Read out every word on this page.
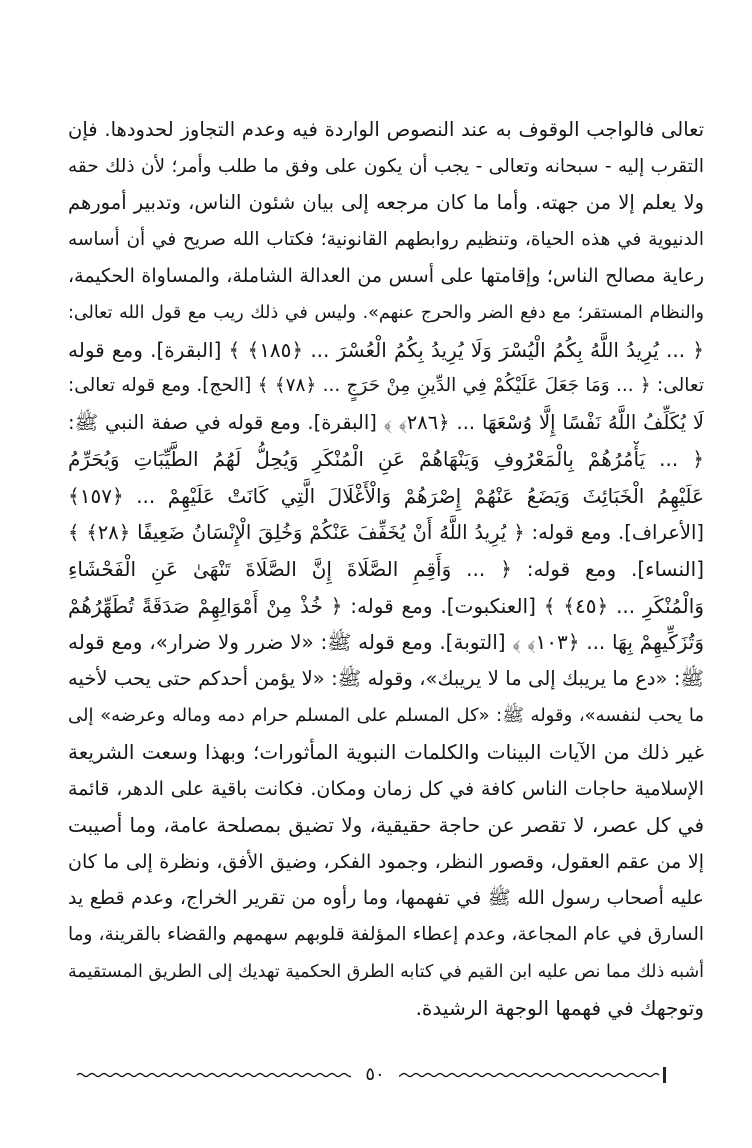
تعالى فالواجب الوقوف به عند النصوص الواردة فيه وعدم التجاوز لحدودها. فإن
التقرب إليه - سبحانه وتعالى - يجب أن يكون على وفق ما طلب وأمر؛ لأن ذلك حقه
ولا يعلم إلا من جهته. وأما ما كان مرجعه إلى بيان شئون الناس، وتدبير أمورهم
الدنيوية في هذه الحياة، وتنظيم روابطهم القانونية؛ فكتاب الله صريح في أن أساسه
رعاية مصالح الناس؛ وإقامتها على أسس من العدالة الشاملة، والمساواة الحكيمة،
والنظام المستقر؛ مع دفع الضر والحرج عنهم». وليس في ذلك ريب مع قول الله تعالى:
﴿ ... يُرِيدُ اللَّهُ بِكُمُ الْيُسْرَ وَلَا يُرِيدُ بِكُمُ الْعُسْرَ ... ﴿١٨٥﴾ ﴾ [البقرة]. ومع قوله
تعالى: ﴿ ... وَمَا جَعَلَ عَلَيْكُمْ فِي الدِّينِ مِنْ حَرَجٍ ... ﴿٧٨﴾ ﴾ [الحج]. ومع قوله تعالى:
لَا يُكَلِّفُ اللَّهُ نَفْسًا إِلَّا وُسْعَهَا ... ﴿٢٨٦﴾ ﴾ [البقرة]. ومع قوله في صفة النبي ﷺ:
﴿ ... يَأْمُرُهُمْ بِالْمَعْرُوفِ وَيَنْهَاهُمْ عَنِ الْمُنْكَرِ وَيُحِلُّ لَهُمُ الطَّيِّبَاتِ وَيُحَرِّمُ
عَلَيْهِمُ الْخَبَائِثَ وَيَضَعُ عَنْهُمْ إِصْرَهُمْ وَالْأَغْلَالَ الَّتِي كَانَتْ عَلَيْهِمْ ... ﴿١٥٧﴾
[الأعراف]. ومع قوله: ﴿ يُرِيدُ اللَّهُ أَنْ يُخَفِّفَ عَنْكُمْ وَخُلِقَ الْإِنْسَانُ ضَعِيفًا ﴿٢٨﴾ ﴾
[النساء]. ومع قوله: ﴿ ... وَأَقِمِ الصَّلَاةَ إِنَّ الصَّلَاةَ تَنْهَىٰ عَنِ الْفَحْشَاءِ
وَالْمُنْكَرِ ... ﴿٤٥﴾ ﴾ [العنكبوت]. ومع قوله: ﴿ خُذْ مِنْ أَمْوَالِهِمْ صَدَقَةً تُطَهِّرُهُمْ
وَتُزَكِّيهِمْ بِهَا ... ﴿١٠٣﴾ ﴾ [التوبة]. ومع قوله ﷺ: «لا ضرر ولا ضرار»، ومع قوله
ﷺ: «دع ما يريبك إلى ما لا يريبك»، وقوله ﷺ: «لا يؤمن أحدكم حتى يحب لأخيه
ما يحب لنفسه»، وقوله ﷺ: «كل المسلم على المسلم حرام دمه وماله وعرضه» إلى
غير ذلك من الآيات البينات والكلمات النبوية المأثورات؛ وبهذا وسعت الشريعة
الإسلامية حاجات الناس كافة في كل زمان ومكان. فكانت باقية على الدهر، قائمة
في كل عصر، لا تقصر عن حاجة حقيقية، ولا تضيق بمصلحة عامة، وما أصيبت
إلا من عقم العقول، وقصور النظر، وجمود الفكر، وضيق الأفق، ونظرة إلى ما كان
عليه أصحاب رسول الله ﷺ في تفهمها، وما رأوه من تقرير الخراج، وعدم قطع يد
السارق في عام المجاعة، وعدم إعطاء المؤلفة قلوبهم سهمهم والقضاء بالقرينة، وما
أشبه ذلك مما نص عليه ابن القيم في كتابه الطرق الحكمية تهديك إلى الطريق المستقيمة
وتوجهك في فهمها الوجهة الرشيدة.
٥٠
